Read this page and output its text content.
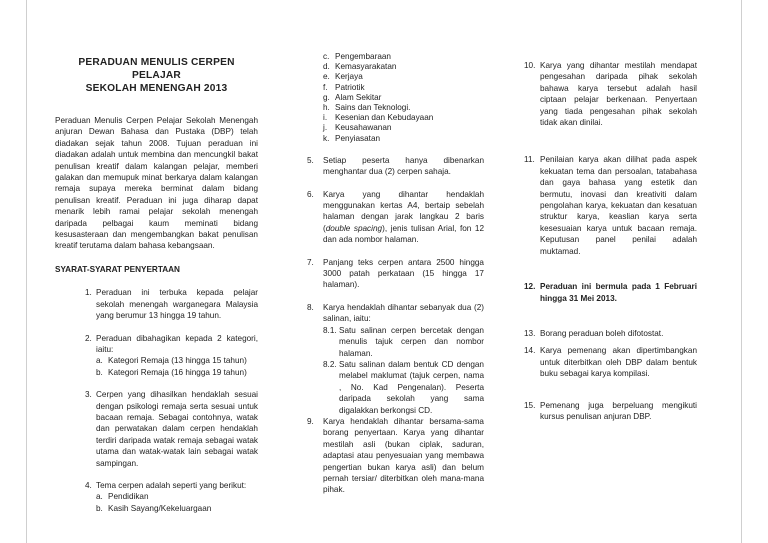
PERADUAN MENULIS CERPEN PELAJAR
SEKOLAH MENENGAH 2013

Peraduan Menulis Cerpen Pelajar Sekolah Menengah anjuran Dewan Bahasa dan Pustaka (DBP) telah diadakan sejak tahun 2008. Tujuan peraduan ini diadakan adalah untuk membina dan mencungkil bakat penulisan kreatif dalam kalangan pelajar, memberi galakan dan memupuk minat berkarya dalam kalangan remaja supaya mereka berminat dalam bidang penulisan kreatif. Peraduan ini juga diharap dapat menarik lebih ramai pelajar sekolah menengah daripada pelbagai kaum meminati bidang kesusasteraan dan mengembangkan bakat penulisan kreatif terutama dalam bahasa kebangsaan.

SYARAT-SYARAT PENYERTAAN
1. Peraduan ini terbuka kepada pelajar sekolah menengah warganegara Malaysia yang berumur 13 hingga 19 tahun.
2. Peraduan dibahagikan kepada 2 kategori, iaitu:
a. Kategori Remaja (13 hingga 15 tahun)
b. Kategori Remaja (16 hingga 19 tahun)
3. Cerpen yang dihasilkan hendaklah sesuai dengan psikologi remaja serta sesuai untuk bacaan remaja. Sebagai contohnya, watak dan perwatakan dalam cerpen hendaklah terdiri daripada watak remaja sebagai watak utama dan watak-watak lain sebagai watak sampingan.
4. Tema cerpen adalah seperti yang berikut:
a. Pendidikan
b. Kasih Sayang/Kekeluargaan
c. Pengembaraan
d. Kemasyarakatan
e. Kerjaya
f. Patriotik
g. Alam Sekitar
h. Sains dan Teknologi.
i. Kesenian dan Kebudayaan
j. Keusahawanan
k. Penyiasatan
5. Setiap peserta hanya dibenarkan menghantar dua (2) cerpen sahaja.
6. Karya yang dihantar hendaklah menggunakan kertas A4, bertaip sebelah halaman dengan jarak langkau 2 baris (double spacing), jenis tulisan Arial, fon 12 dan ada nombor halaman.
7. Panjang teks cerpen antara 2500 hingga 3000 patah perkataan (15 hingga 17 halaman).
8. Karya hendaklah dihantar sebanyak dua (2) salinan, iaitu:
8.1. Satu salinan cerpen bercetak dengan menulis tajuk cerpen dan nombor halaman.
8.2. Satu salinan dalam bentuk CD dengan melabel maklumat (tajuk cerpen, nama , No. Kad Pengenalan). Peserta daripada sekolah yang sama digalakkan berkongsi CD.
9. Karya hendaklah dihantar bersama-sama borang penyertaan. Karya yang dihantar mestilah asli (bukan ciplak, saduran, adaptasi atau penyesuaian yang membawa pengertian bukan karya asli) dan belum pernah tersiar/ diterbitkan oleh mana-mana pihak.
10. Karya yang dihantar mestilah mendapat pengesahan daripada pihak sekolah bahawa karya tersebut adalah hasil ciptaan pelajar berkenaan. Penyertaan yang tiada pengesahan pihak sekolah tidak akan dinilai.
11. Penilaian karya akan dilihat pada aspek kekuatan tema dan persoalan, tatabahasa dan gaya bahasa yang estetik dan bermutu, inovasi dan kreativiti dalam pengolahan karya, kekuatan dan kesatuan struktur karya, keaslian karya serta kesesuaian karya untuk bacaan remaja. Keputusan panel penilai adalah muktamad.
12. Peraduan ini bermula pada 1 Februari hingga 31 Mei 2013.
13. Borang peraduan boleh difotostat.
14. Karya pemenang akan dipertimbangkan untuk diterbitkan oleh DBP dalam bentuk buku sebagai karya kompilasi.
15. Pemenang juga berpeluang mengikuti kursus penulisan anjuran DBP.
